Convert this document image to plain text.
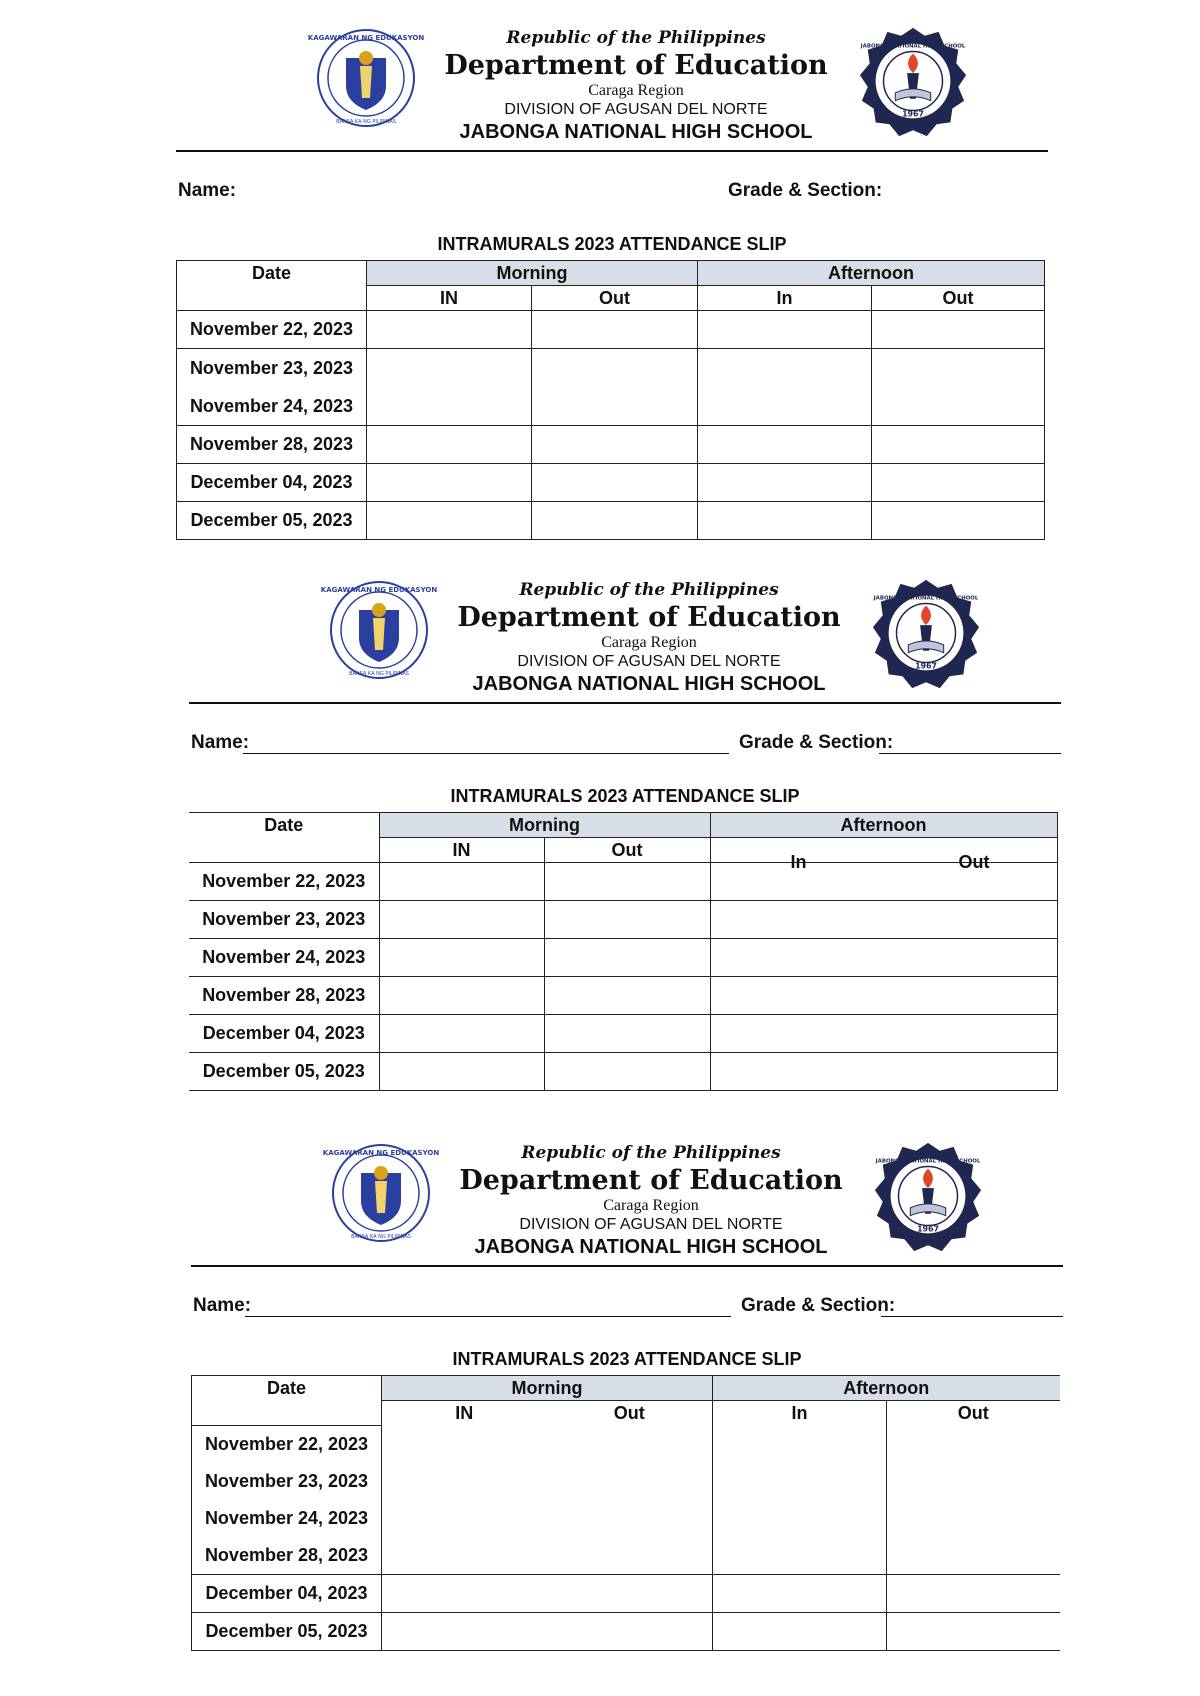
KAGAWARAN NG EDUKASYON
BANSA KA NG PILIPINAS
Republic of the Philippines
Department of Education
Caraga Region
DIVISION OF AGUSAN DEL NORTE
JABONGA NATIONAL HIGH SCHOOL
1967
JABONGA NATIONAL HIGH SCHOOL
Name:	Grade & Section:
INTRAMURALS 2023 ATTENDANCE SLIP
Date	Morning		Afternoon	
	IN	Out	In	Out
November 22, 2023				

November 23, 2023
November 24, 2023				

November 28, 2023				
December 04, 2023				
December 05, 2023				
KAGAWARAN NG EDUKASYON
BANSA KA NG PILIPINAS
Republic of the Philippines
Department of Education
Caraga Region
DIVISION OF AGUSAN DEL NORTE
JABONGA NATIONAL HIGH SCHOOL
1967
JABONGA NATIONAL HIGH SCHOOL
Name:	Grade & Section:
INTRAMURALS 2023 ATTENDANCE SLIP
Date	Morning		Afternoon
	IN	Out	In Out

November 22, 2023			
November 23, 2023			
November 24, 2023			
November 28, 2023			
December 04, 2023			
December 05, 2023			
KAGAWARAN NG EDUKASYON
BANSA KA NG PILIPINAS
Republic of the Philippines
Department of Education
Caraga Region
DIVISION OF AGUSAN DEL NORTE
JABONGA NATIONAL HIGH SCHOOL
1967
JABONGA NATIONAL HIGH SCHOOL
Name:	Grade & Section:
INTRAMURALS 2023 ATTENDANCE SLIP
Date	Morning		Afternoon	
	IN	Out	In	Out
November 22, 2023				
November 23, 2023				
November 24, 2023				
November 28, 2023				
December 04, 2023				
December 05, 2023				
